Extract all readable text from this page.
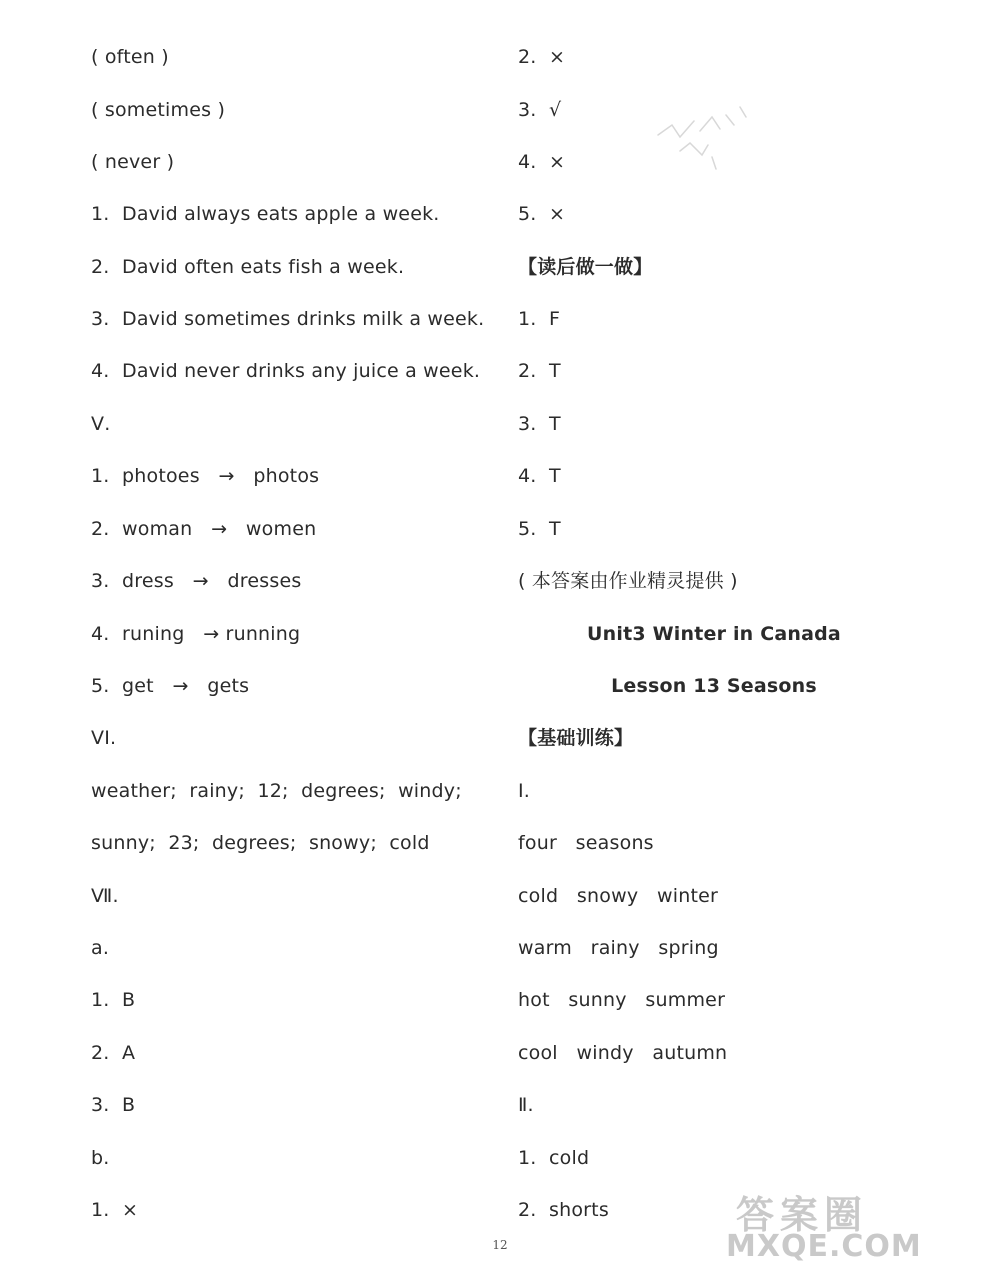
( often )
( sometimes )
( never )
1.  David always eats apple a week.
2.  David often eats fish a week.
3.  David sometimes drinks milk a week.
4.  David never drinks any juice a week.
Ⅴ.
1.  photoes   →   photos
2.  woman   →   women
3.  dress   →   dresses
4.  runing   → running
5.  get   →   gets
VI.
weather;  rainy;  12;  degrees;  windy;
sunny;  23;  degrees;  snowy;  cold
Ⅶ.
a.
1.  B
2.  A
3.  B
b.
1.  ×
2.  ×
3.  √
4.  ×
5.  ×
【读后做一做】
1.  F
2.  T
3.  T
4.  T
5.  T
( 本答案由作业精灵提供 )
Unit3 Winter in Canada
Lesson 13 Seasons
【基础训练】
Ⅰ.
four   seasons
cold   snowy   winter
warm   rainy   spring
hot   sunny   summer
cool   windy   autumn
Ⅱ.
1.  cold
2.  shorts
12
答案圈
MXQE.COM
